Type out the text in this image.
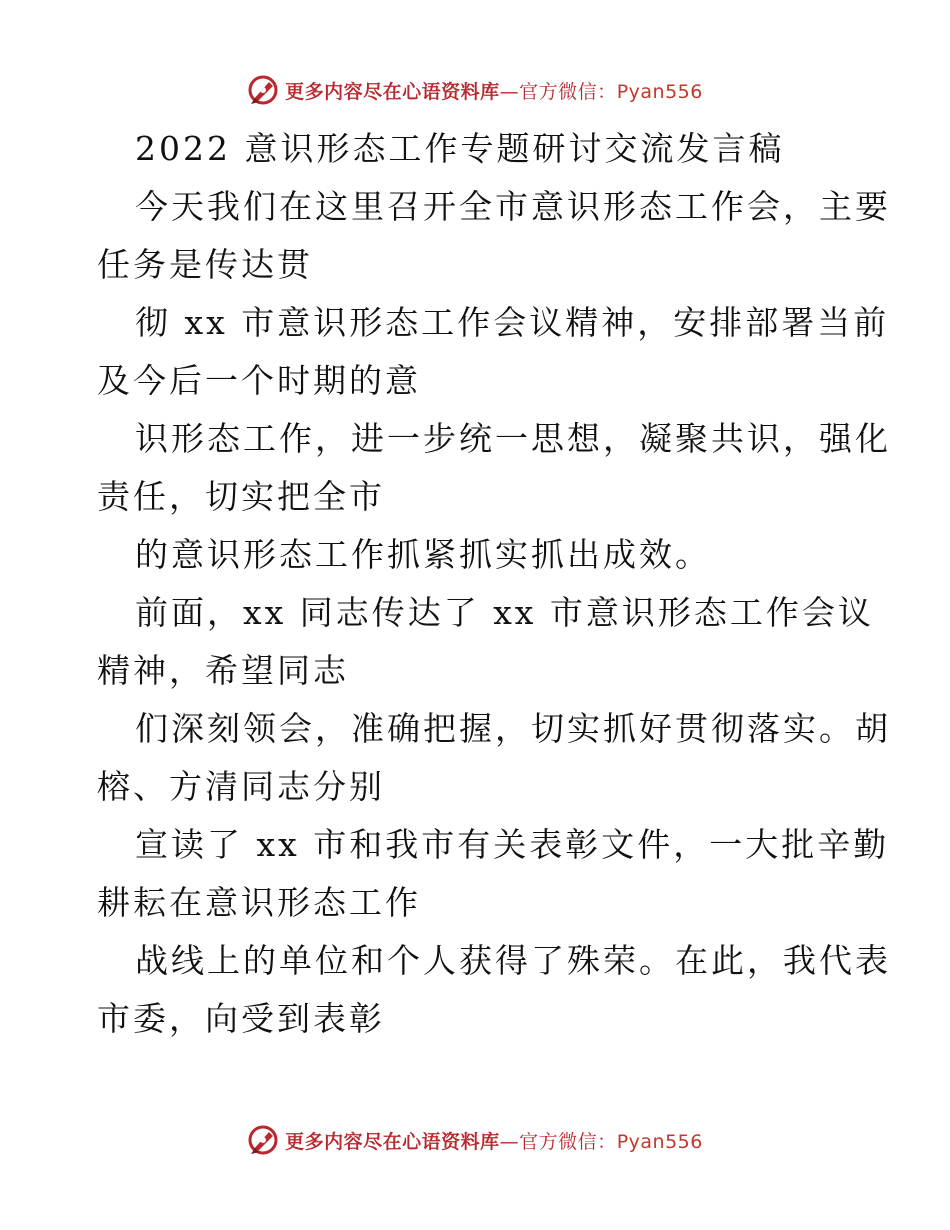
更多内容尽在心语资料库—官方微信：Pyan556
2022 意识形态工作专题研讨交流发言稿
今天我们在这里召开全市意识形态工作会，主要
任务是传达贯
彻 xx 市意识形态工作会议精神，安排部署当前
及今后一个时期的意
识形态工作，进一步统一思想，凝聚共识，强化
责任，切实把全市
的意识形态工作抓紧抓实抓出成效。
前面，xx 同志传达了 xx 市意识形态工作会议
精神，希望同志
们深刻领会，准确把握，切实抓好贯彻落实。胡
榕、方清同志分别
宣读了 xx 市和我市有关表彰文件，一大批辛勤
耕耘在意识形态工作
战线上的单位和个人获得了殊荣。在此，我代表
市委，向受到表彰
更多内容尽在心语资料库—官方微信：Pyan556
